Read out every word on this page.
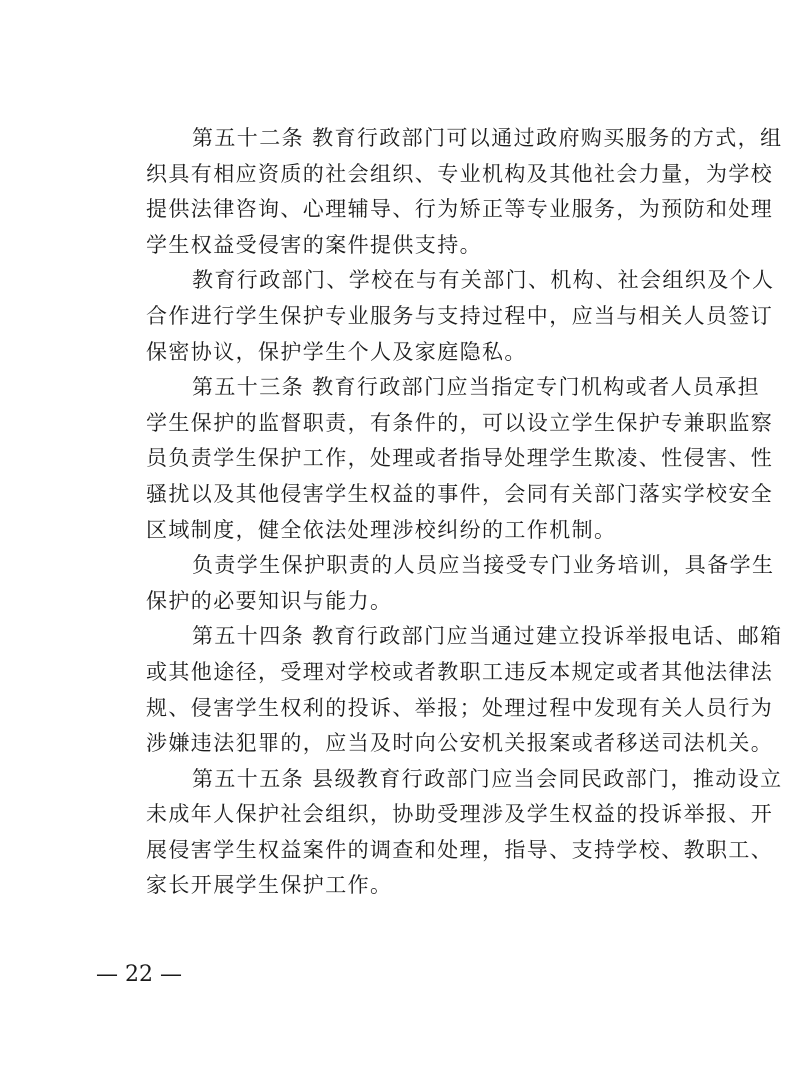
第五十二条 教育行政部门可以通过政府购买服务的方式，组
织具有相应资质的社会组织、专业机构及其他社会力量，为学校
提供法律咨询、心理辅导、行为矫正等专业服务，为预防和处理
学生权益受侵害的案件提供支持。
教育行政部门、学校在与有关部门、机构、社会组织及个人
合作进行学生保护专业服务与支持过程中，应当与相关人员签订
保密协议，保护学生个人及家庭隐私。
第五十三条 教育行政部门应当指定专门机构或者人员承担
学生保护的监督职责，有条件的，可以设立学生保护专兼职监察
员负责学生保护工作，处理或者指导处理学生欺凌、性侵害、性
骚扰以及其他侵害学生权益的事件，会同有关部门落实学校安全
区域制度，健全依法处理涉校纠纷的工作机制。
负责学生保护职责的人员应当接受专门业务培训，具备学生
保护的必要知识与能力。
第五十四条 教育行政部门应当通过建立投诉举报电话、邮箱
或其他途径，受理对学校或者教职工违反本规定或者其他法律法
规、侵害学生权利的投诉、举报；处理过程中发现有关人员行为
涉嫌违法犯罪的，应当及时向公安机关报案或者移送司法机关。
第五十五条 县级教育行政部门应当会同民政部门，推动设立
未成年人保护社会组织，协助受理涉及学生权益的投诉举报、开
展侵害学生权益案件的调查和处理，指导、支持学校、教职工、
家长开展学生保护工作。
— 22 —
